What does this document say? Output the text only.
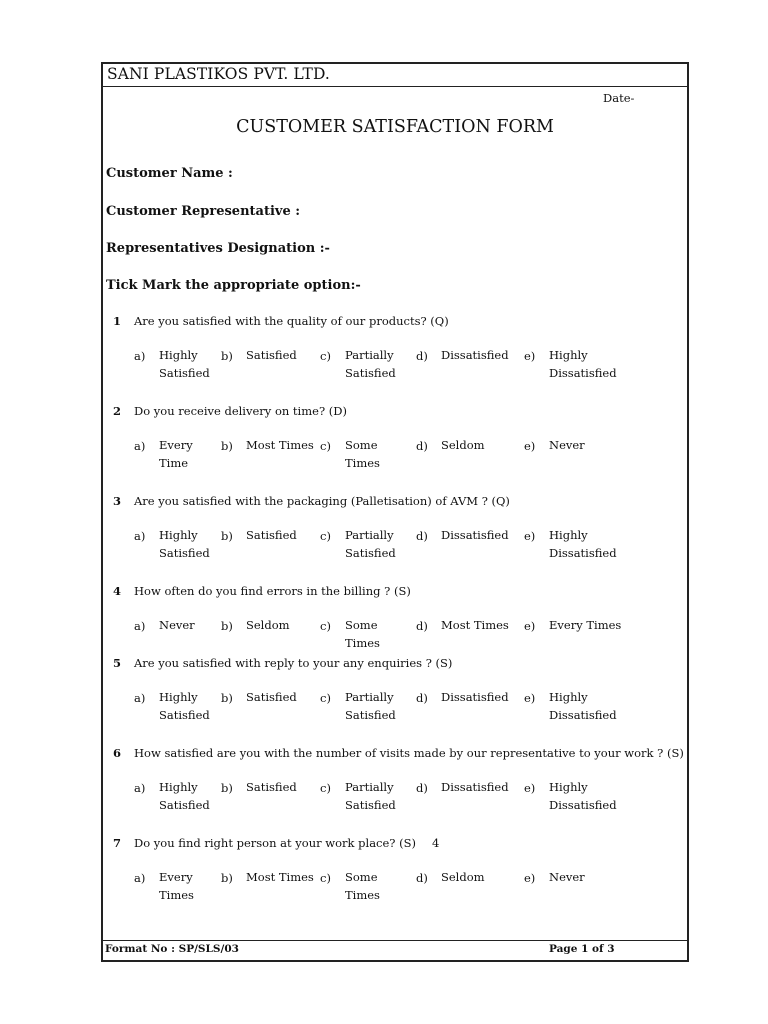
SANI PLASTIKOS PVT. LTD.
Date-
CUSTOMER SATISFACTION FORM
Customer Name :
Customer Representative :
Representatives Designation :-
Tick Mark the appropriate option:-
1 Are you satisfied with the quality of our products? (Q)
a) Highly Satisfied
b) Satisfied	c) Partially Satisfied
d) Dissatisfied	e) Highly Dissatisfied
2 Do you receive delivery on time? (D)
a) Every Time
b) Most Times c) Some Times
d) Seldom	e) Never
3 Are you satisfied with the packaging (Palletisation) of AVM ? (Q)
a) Highly Satisfied
b) Satisfied	c) Partially Satisfied
d) Dissatisfied	e) Highly Dissatisfied
4 How often do you find errors in the billing ? (S)
a) Never	b) Seldom	c) Some Times
d) Most Times	e) Every Times
5 Are you satisfied with reply to your any enquiries ? (S)
a) Highly Satisfied
b) Satisfied	c) Partially Satisfied
d) Dissatisfied	e) Highly Dissatisfied
6 How satisfied are you with the number of visits made by our representative to your work ? (S)
a) Highly Satisfied
b) Satisfied	c) Partially Satisfied
d) Dissatisfied	e) Highly Dissatisfied
7 Do you find right person at your work place? (S) 4
a) Every Times
b) Most Times c) Some Times
d) Seldom	e) Never
Format No : SP/SLS/03	Page 1 of 3
